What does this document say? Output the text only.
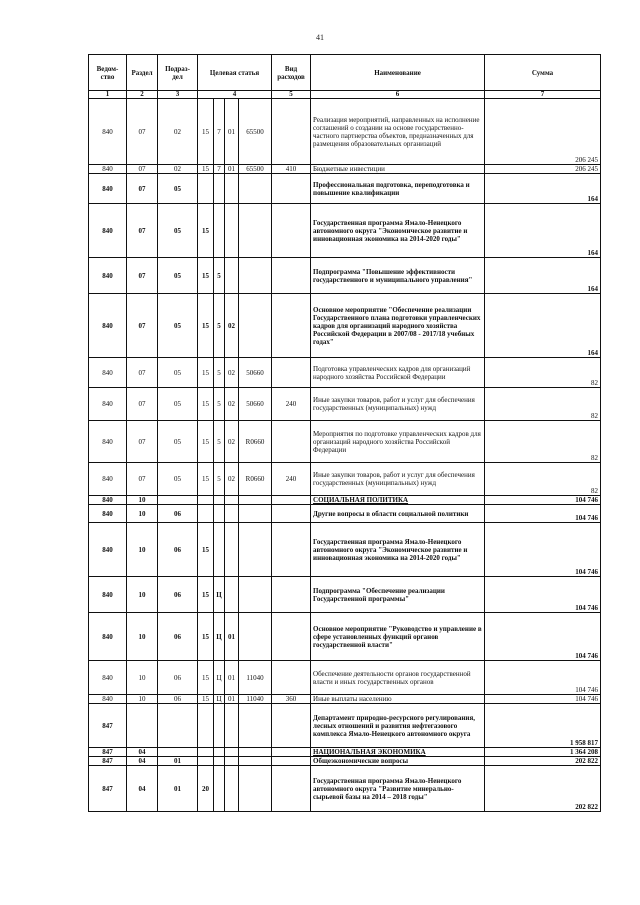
41
Ведом-ство	Раздел	Подраз-дел	Целевая статья				Вид расходов	Наименование	Сумма
1	2	3	4				5	6	7
840	07	02	15	7	01	65500		Реализация мероприятий, направленных на исполнение соглашений о создании на основе государственно-частного партнерства объектов, предназначенных для размещения образовательных организаций	206 245
840	07	02	15	7	01	65500	410	Бюджетные инвестиции	206 245
840	07	05						Профессиональная подготовка, переподготовка и повышение квалификации	164
840	07	05	15					Государственная программа Ямало-Ненецкого автономного округа "Экономическое развитие и инновационная экономика на 2014-2020 годы"	164
840	07	05	15	5				Подпрограмма "Повышение эффективности государственного и муниципального управления"	164
840	07	05	15	5	02			Основное мероприятие "Обеспечение реализации Государственного плана подготовки управленческих кадров для организаций народного хозяйства Российской Федерации в 2007/08 - 2017/18 учебных годах"	164
840	07	05	15	5	02	50660		Подготовка управленческих кадров для организаций народного хозяйства Российской Федерации	82
840	07	05	15	5	02	50660	240	Иные закупки товаров, работ и услуг для обеспечения государственных (муниципальных) нужд	82
840	07	05	15	5	02	R0660		Мероприятия по подготовке управленческих кадров для организаций народного хозяйства Российской Федерации	82
840	07	05	15	5	02	R0660	240	Иные закупки товаров, работ и услуг для обеспечения государственных (муниципальных) нужд	82
840	10							СОЦИАЛЬНАЯ ПОЛИТИКА	104 746
840	10	06						Другие вопросы в области социальной политики	104 746
840	10	06	15					Государственная программа Ямало-Ненецкого автономного округа "Экономическое развитие и инновационная экономика на 2014-2020 годы"	104 746
840	10	06	15	Ц				Подпрограмма "Обеспечение реализации Государственной программы"	104 746
840	10	06	15	Ц	01			Основное мероприятие "Руководство и управление в сфере установленных функций органов государственной власти"	104 746
840	10	06	15	Ц	01	11040		Обеспечение деятельности органов государственной власти и иных государственных органов	104 746
840	10	06	15	Ц	01	11040	360	Иные выплаты населению	104 746
847								Департамент природно-ресурсного регулирования, лесных отношений и развития нефтегазового комплекса Ямало-Ненецкого автономного округа	1 958 817
847	04							НАЦИОНАЛЬНАЯ ЭКОНОМИКА	1 364 208
847	04	01						Общеэкономические вопросы	202 822
847	04	01	20					Государственная программа Ямало-Ненецкого автономного округа "Развитие минерально-сырьевой базы на 2014 – 2018 годы"	202 822
